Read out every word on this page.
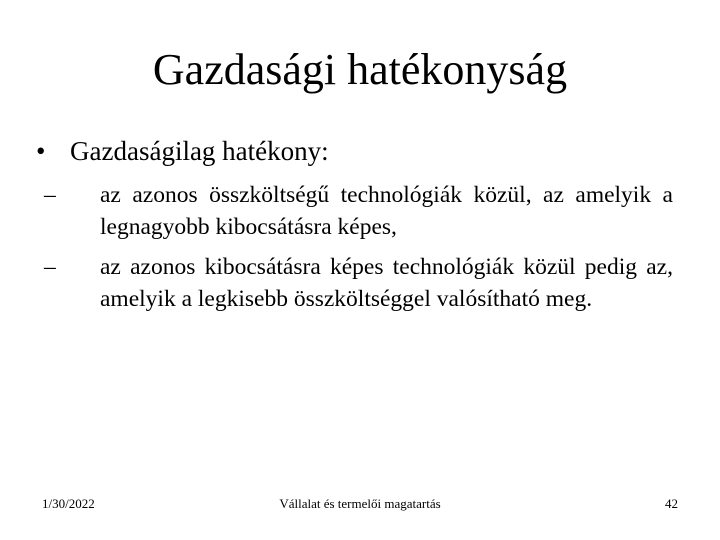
Gazdasági hatékonyság
• Gazdaságilag hatékony:
– az azonos összköltségű technológiák közül, az amelyik a legnagyobb kibocsátásra képes,
– az azonos kibocsátásra képes technológiák közül pedig az, amelyik a legkisebb összköltséggel valósítható meg.
1/30/2022	Vállalat és termelői magatartás	42
